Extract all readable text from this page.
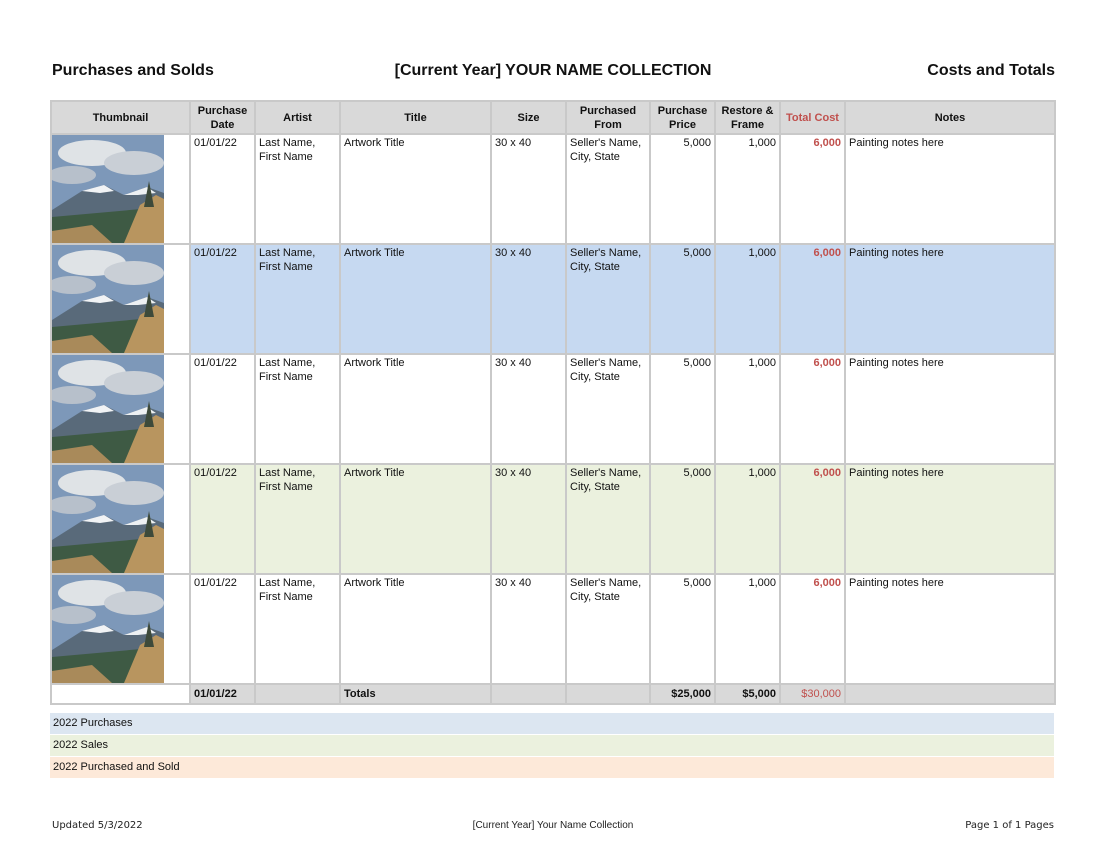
Purchases and Solds	[Current Year] YOUR NAME COLLECTION	Costs and Totals
Thumbnail	Purchase Date	Artist	Title	Size	Purchased From	Purchase Price	Restore & Frame	Total Cost	Notes

	01/01/22	Last Name, First Name	Artwork Title	30 x 40	Seller's Name, City, State	5,000	1,000	6,000	Painting notes here

	01/01/22	Last Name, First Name	Artwork Title	30 x 40	Seller's Name, City, State	5,000	1,000	6,000	Painting notes here

	01/01/22	Last Name, First Name	Artwork Title	30 x 40	Seller's Name, City, State	5,000	1,000	6,000	Painting notes here

	01/01/22	Last Name, First Name	Artwork Title	30 x 40	Seller's Name, City, State	5,000	1,000	6,000	Painting notes here

	01/01/22	Last Name, First Name	Artwork Title	30 x 40	Seller's Name, City, State	5,000	1,000	6,000	Painting notes here
	01/01/22		Totals			$25,000	$5,000	$30,000	
2022 Purchases
2022 Sales
2022 Purchased and Sold
Updated 5/3/2022	[Current Year] Your Name Collection	Page 1 of 1 Pages
